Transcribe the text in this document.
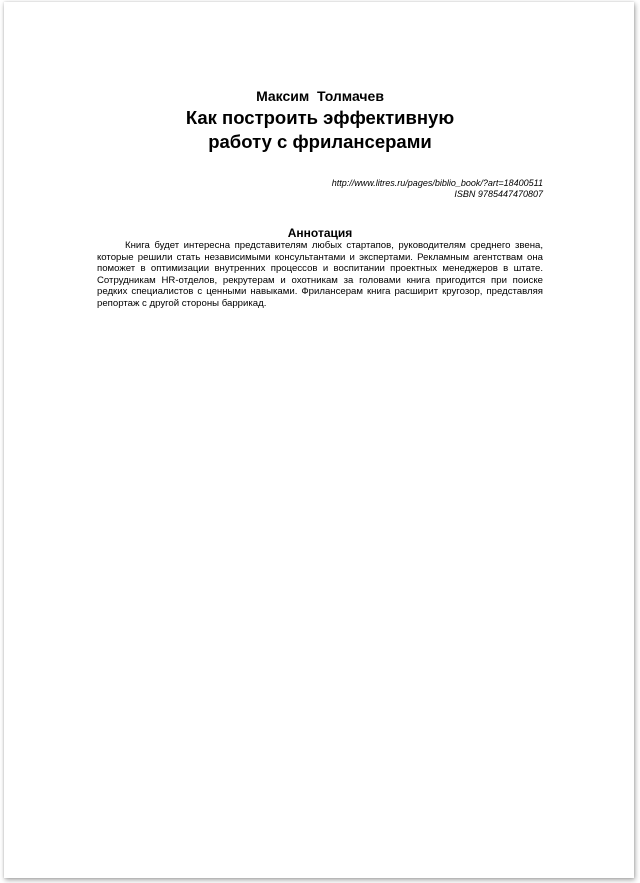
Максим  Толмачев
Как построить эффективную
работу с фрилансерами
http://www.litres.ru/pages/biblio_book/?art=18400511
ISBN 9785447470807
Аннотация

Книга будет интересна представителям любых стартапов, руководителям среднего звена, которые решили стать независимыми консультантами и экспертами. Рекламным агентствам она поможет в оптимизации внутренних процессов и воспитании проектных менеджеров в штате. Сотрудникам HR-отделов, рекрутерам и охотникам за головами книга пригодится при поиске редких специалистов с ценными навыками. Фрилансерам книга расширит кругозор, представляя репортаж с другой стороны баррикад.
